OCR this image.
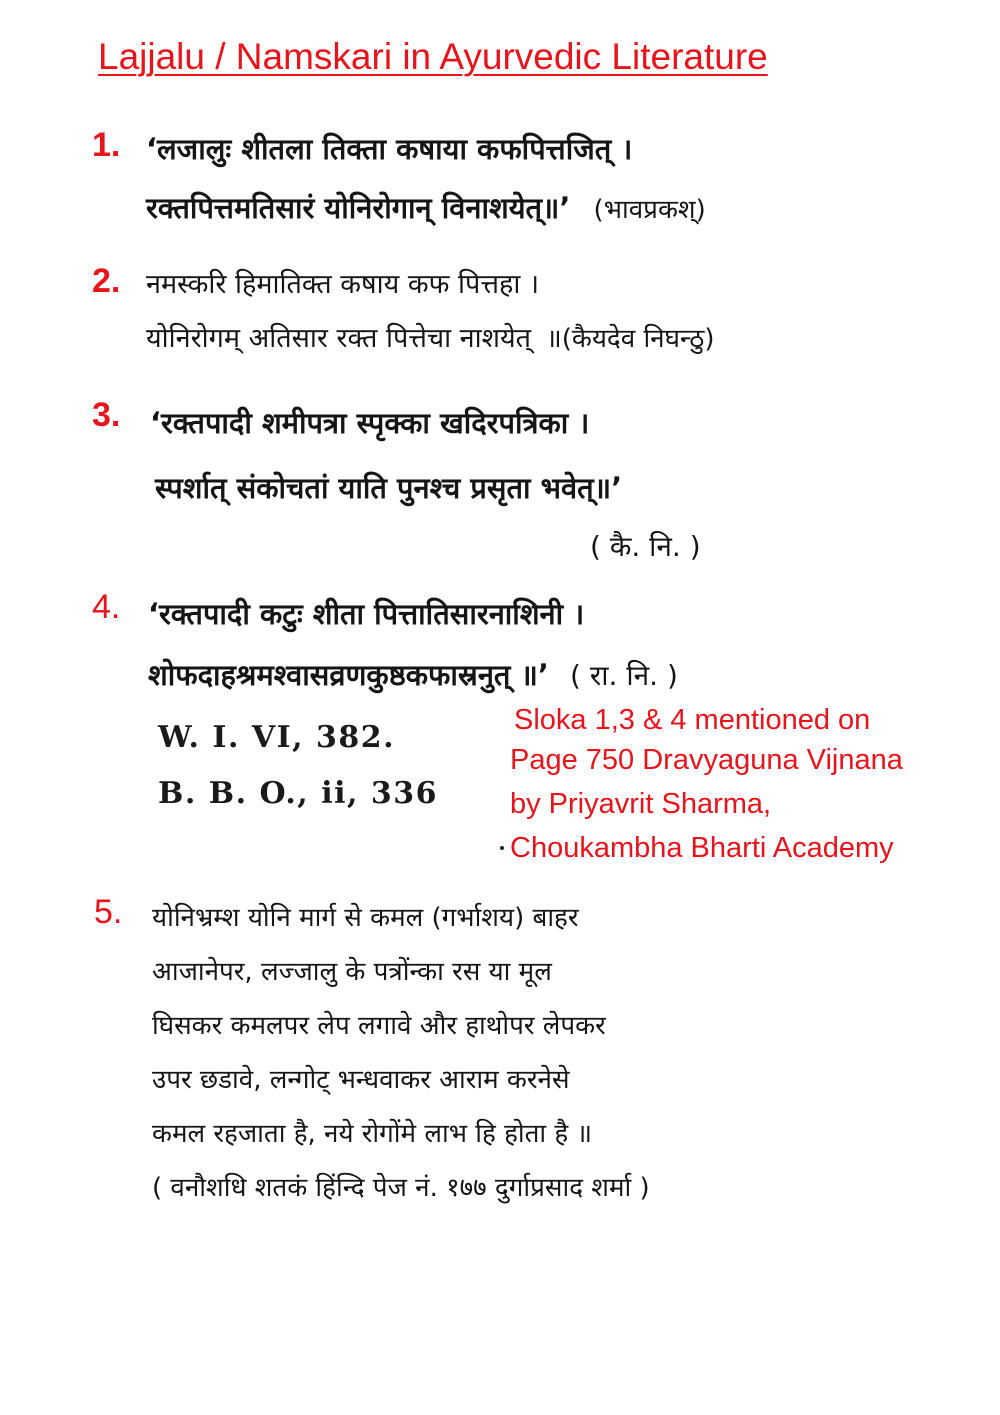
Lajjalu / Namskari in Ayurvedic Literature
1. ‘लजालुः शीतला तिक्ता कषाया कफपित्तजित् ।
रक्तपित्तमतिसारं योनिरोगान् विनाशयेत्॥’ (भावप्रकश्)
2. नमस्करि हिमातिक्त कषाय कफ पित्तहा ।
योनिरोगम् अतिसार रक्त पित्तेचा नाशयेत् ॥(कैयदेव निघन्ठु)
3. ‘रक्तपादी शमीपत्रा स्पृक्का खदिरपत्रिका ।
स्पर्शात् संकोचतां याति पुनश्च प्रसृता भवेत्॥’
( कै. नि. )
4. ‘रक्तपादी कटुः शीता पित्तातिसारनाशिनी ।
शोफदाहश्रमश्वासव्रणकुष्ठकफास्रनुत् ॥’ ( रा. नि. )
W. I. VI, 382.
B. B. O., ii, 336
Sloka 1,3 & 4 mentioned on
Page 750 Dravyaguna Vijnana
by Priyavrit Sharma,
Choukambha Bharti Academy
5. योनिभ्रम्श योनि मार्ग से कमल (गर्भाशय) बाहर
आजानेपर, लज्जालु के पत्रोंन्का रस या मूल
घिसकर कमलपर लेप लगावे और हाथोपर लेपकर
उपर छडावे, लन्गोट् भन्धवाकर आराम करनेसे
कमल रहजाता है, नये रोगोंमे लाभ हि होता है ॥
( वनौशधि शतकं हिंन्दि पेज नं. १७७ दुर्गाप्रसाद शर्मा )
